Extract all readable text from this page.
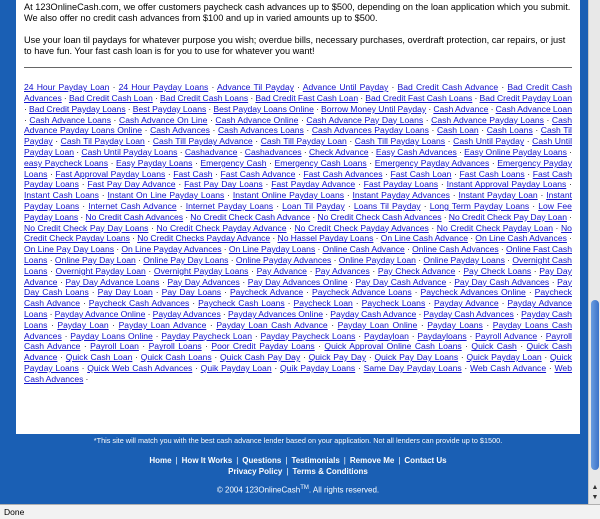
At 123OnlineCash.com, we offer customers paycheck cash advances up to $500, depending on the loan application which you submit. We also offer no credit cash advances from $100 and up in varied amounts up to $500.

Use your loan til paydays for whatever purpose you wish; overdue bills, necessary purchases, overdraft protection, car repairs, or just to have fun. Your fast cash loan is for you to use for whatever you want!

24 Hour Payday Loan · 24 Hour Payday Loans · Advance Til Payday · Advance Until Payday · Bad Credit Cash Advance · Bad Credit Cash Advances · Bad Credit Cash Loan · Bad Credit Cash Loans · Bad Credit Fast Cash Loan · Bad Credit Fast Cash Loans · Bad Credit Payday Loan · Bad Credit Payday Loans · Best Payday Loans · Best Payday Loans Online · Borrow Money Until Payday · Cash Advance · Cash Advance Loan · Cash Advance Loans · Cash Advance On Line · Cash Advance Online · Cash Advance Pay Day Loans · Cash Advance Payday Loans · Cash Advance Payday Loans Online · Cash Advances · Cash Advances Loans · Cash Advances Payday Loans · Cash Loan · Cash Loans · Cash Til Payday · Cash Til Payday Loan · Cash Till Payday Advance · Cash Till Payday Loan · Cash Till Payday Loans · Cash Until Payday · Cash Until Payday Loan · Cash Until Payday Loans · Cashadvance · Cashadvances · Check Advance · Easy Cash Advances · Easy Online Payday Loans · easy Paycheck Loans · Easy Payday Loans · Emergency Cash · Emergency Cash Loans · Emergency Payday Advances · Emergency Payday Loans · Fast Approval Payday Loans · Fast Cash · Fast Cash Advance · Fast Cash Advances · Fast Cash Loan · Fast Cash Loans · Fast Cash Payday Loans · Fast Pay Day Advance · Fast Pay Day Loans · Fast Payday Advance · Fast Payday Loans · Instant Approval Payday Loans · Instant Cash Loans · Instant On Line Payday Loans · Instant Online Payday Loans · Instant Payday Advances · Instant Payday Loan · Instant Payday Loans · Internet Cash Advance · Internet Payday Loans · Loan Til Payday · Loans Til Payday · Long Term Payday Loans · Low Fee Payday Loans · No Credit Cash Advances · No Credit Check Cash Advance · No Credit Check Cash Advances · No Credit Check Pay Day Loan · No Credit Check Pay Day Loans · No Credit Check Payday Advance · No Credit Check Payday Advances · No Credit Check Payday Loan · No Credit Check Payday Loans · No Credit Checks Payday Advance · No Hassel Payday Loans · On Line Cash Advance · On Line Cash Advances · On Line Pay Day Loans · On Line Payday Advances · On Line Payday Loans · Online Cash Advance · Online Cash Advances · Online Fast Cash Loans · Online Pay Day Loan · Online Pay Day Loans · Online Payday Advances · Online Payday Loan · Online Payday Loans · Overnight Cash Loans · Overnight Payday Loan · Overnight Payday Loans · Pay Advance · Pay Advances · Pay Check Advance · Pay Check Loans · Pay Day Advance · Pay Day Advance Loans · Pay Day Advances · Pay Day Advances Online · Pay Day Cash Advance · Pay Day Cash Advances · Pay Day Cash Loans · Pay Day Loan · Pay Day Loans · Paycheck Advance · Paycheck Advance Loans · Paycheck Advances Online · Paycheck Cash Advance · Paycheck Cash Advances · Paycheck Cash Loans · Paycheck Loan · Paycheck Loans · Payday Advance · Payday Advance Loans · Payday Advance Online · Payday Advances · Payday Advances Online · Payday Cash Advance · Payday Cash Advances · Payday Cash Loans · Payday Loan · Payday Loan Advance · Payday Loan Cash Advance · Payday Loan Online · Payday Loans · Payday Loans Cash Advances · Payday Loans Online · Payday Paycheck Loan · Payday Paycheck Loans · Paydayloan · Paydayloans · Payroll Advance · Payroll Cash Advance · Payroll Loan · Payroll Loans · Poor Credit Payday Loans · Quick Approval Online Cash Loans · Quick Cash · Quick Cash Advance · Quick Cash Loan · Quick Cash Loans · Quick Cash Pay Day · Quick Pay Day · Quick Pay Day Loans · Quick Payday Loan · Quick Payday Loans · Quick Web Cash Advances · Quik Payday Loan · Quik Payday Loans · Same Day Payday Loans · Web Cash Advance · Web Cash Advances ·
*This site will match you with the best cash advance lender based on your application. Not all lenders can provide up to $1500.
Home | How It Works | Questions | Testimonials | Remove Me | Contact Us
Privacy Policy | Terms & Conditions
© 2004 123OnlineCash™. All rights reserved.	▲
▼
Done
